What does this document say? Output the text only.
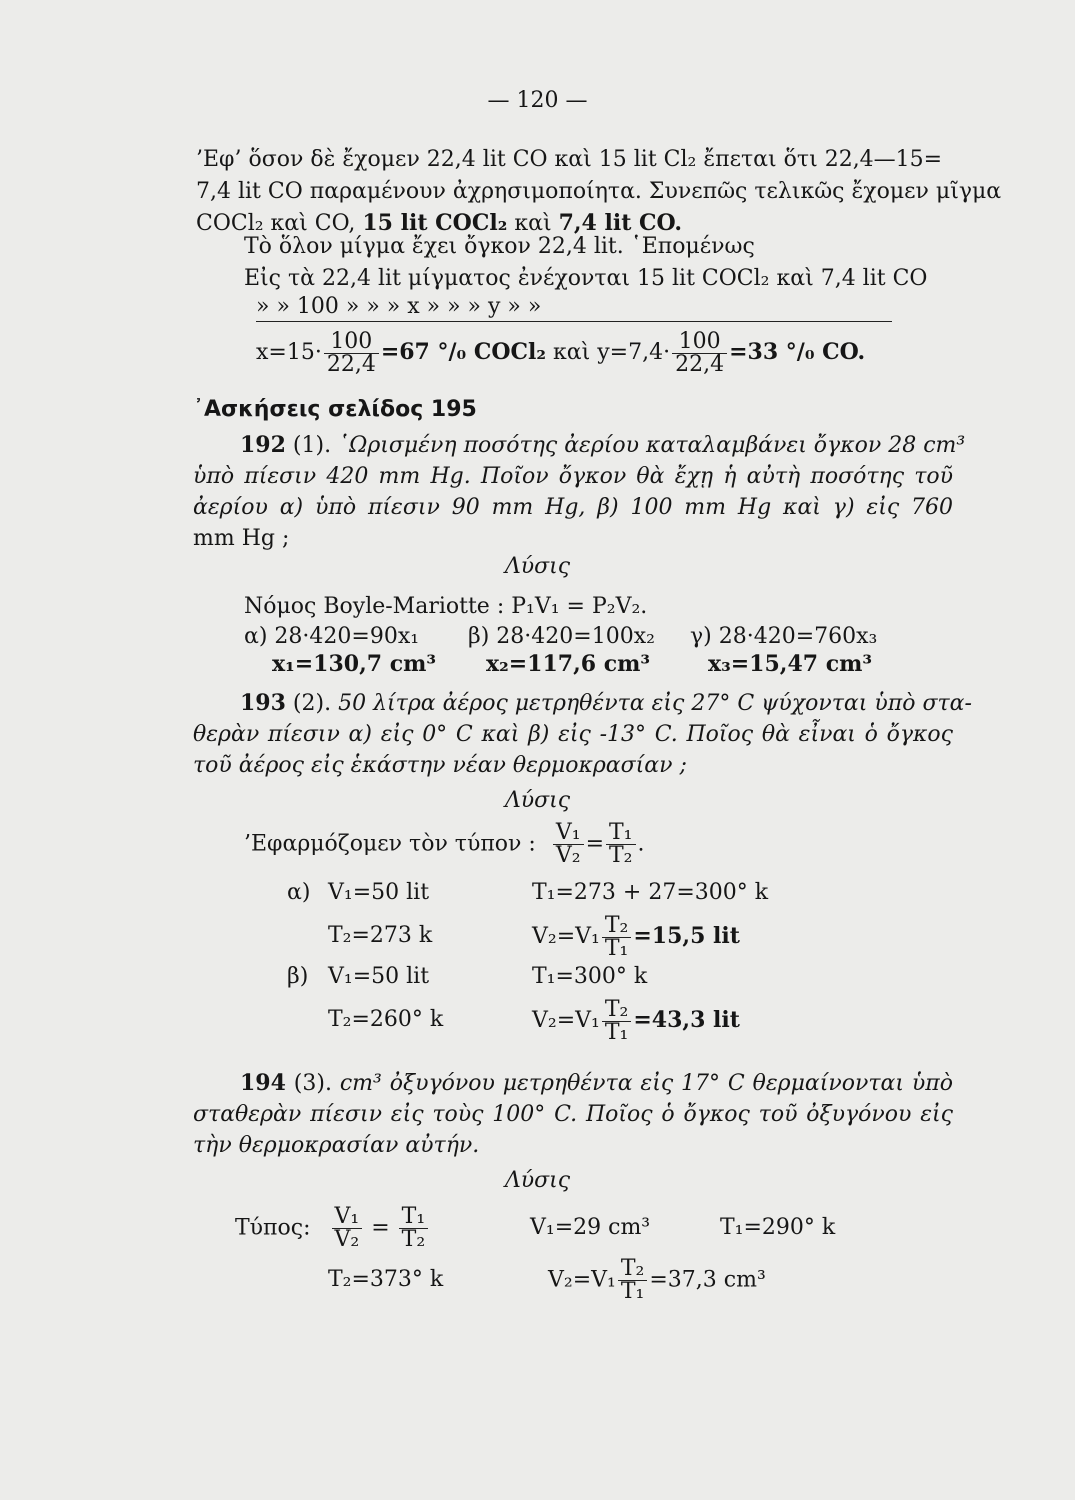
— 120 —
’Εφ’ ὅσον δὲ ἔχομεν 22,4 lit CO καὶ 15 lit Cl₂ ἔπεται ὅτι 22,4—15=
7,4 lit CO παραμένουν ἀχρησιμοποίητα. Συνεπῶς τελικῶς ἔχομεν μῖγμα
COCl₂ καὶ CO, 15 lit COCl₂ καὶ 7,4 lit CO.
Τὸ ὅλον μίγμα ἔχει ὄγκον 22,4 lit. ῾Επομένως
Εἰς τὰ 22,4 lit μίγματος ἐνέχονται 15 lit COCl₂ καὶ 7,4 lit CO
» » 100 » » » x » » » y » »
$x=15\cdot \frac{100}{22,4} =67$ °/₀ COCl₂ καὶ $y=7,4\cdot \frac{100}{22,4} =33$ °/₀ CO.
᾿Ασκήσεις σελίδος 195
192 (1). ῾Ωρισμένη ποσότης ἀερίου καταλαμβάνει ὄγκον 28 cm³
ὑπὸ πίεσιν 420 mm Hg. Ποῖον ὄγκον θὰ ἔχῃ ἡ αὐτὴ ποσότης τοῦ
ἀερίου α) ὑπὸ πίεσιν 90 mm Hg, β) 100 mm Hg καὶ γ) εἰς 760
mm Hg ;
Λύσις
Νόμος Boyle-Mariotte : P₁V₁ = P₂V₂.
α) 28·420=90x₁ β) 28·420=100x₂ γ) 28·420=760x₃
x₁=130,7 cm³ x₂=117,6 cm³	x₃=15,47 cm³
193 (2). 50 λίτρα ἀέρος μετρηθέντα εἰς 27° C ψύχονται ὑπὸ στα-
θερὰν πίεσιν α) εἰς 0° C καὶ β) εἰς -13° C. Ποῖος θὰ εἶναι ὁ ὄγκος
τοῦ ἀέρος εἰς ἑκάστην νέαν θερμοκρασίαν ;
Λύσις
’Εφαρμόζομεν τὸν τύπον : $\frac{\text{V₁}}{\text{V₂}} = \frac{\text{T₁}}{\text{T₂}}$ .
α) V₁=50 lit	T₁=273 + 27=300° k
T₂=273 k	$V_2=V_1 \frac{\text{T₂}}{\text{T₁}} =15,5$ lit
β) V₁=50 lit	T₁=300° k
T₂=260° k	$V_2=V_1 \frac{\text{T₂}}{\text{T₁}} =43,3$ lit
194 (3). cm³ ὀξυγόνου μετρηθέντα εἰς 17° C θερμαίνονται ὑπὸ
σταθερὰν πίεσιν εἰς τοὺς 100° C. Ποῖος ὁ ὄγκος τοῦ ὀξυγόνου εἰς
τὴν θερμοκρασίαν αὐτήν.
Λύσις
Τύπος: $\frac{\text{V₁}}{\text{V₂}} = \frac{\text{T₁}}{\text{T₂}}$	V₁=29 cm³	T₁=290° k
T₂=373° k	$V_2=V_1 \frac{\text{T₂}}{\text{T₁}} =37,3$ cm³
